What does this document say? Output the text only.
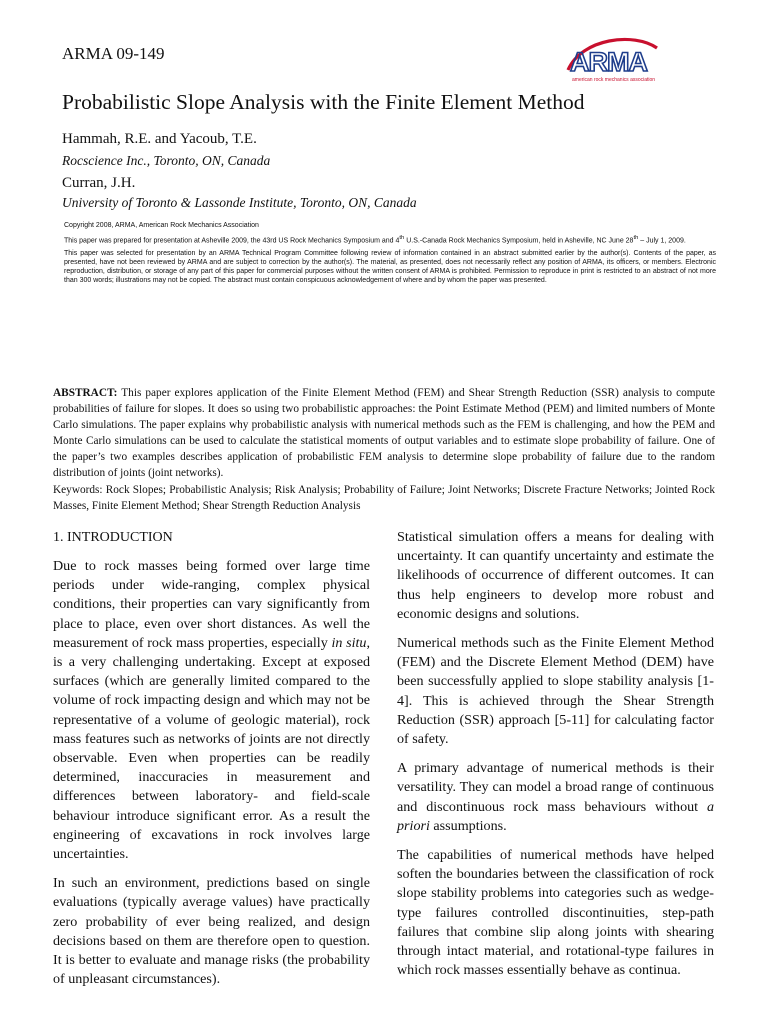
ARMA 09-149	ARMA
american rock mechanics association
Probabilistic Slope Analysis with the Finite Element Method
Hammah, R.E. and Yacoub, T.E.
Rocscience Inc., Toronto, ON, Canada
Curran, J.H.
University of Toronto & Lassonde Institute, Toronto, ON, Canada

Copyright 2008, ARMA, American Rock Mechanics Association

This paper was prepared for presentation at Asheville 2009, the 43rd US Rock Mechanics Symposium and 4th U.S.-Canada Rock Mechanics Symposium, held in Asheville, NC June 28th – July 1, 2009.

This paper was selected for presentation by an ARMA Technical Program Committee following review of information contained in an abstract submitted earlier by the author(s). Contents of the paper, as presented, have not been reviewed by ARMA and are subject to correction by the author(s). The material, as presented, does not necessarily reflect any position of ARMA, its officers, or members. Electronic reproduction, distribution, or storage of any part of this paper for commercial purposes without the written consent of ARMA is prohibited. Permission to reproduce in print is restricted to an abstract of not more than 300 words; illustrations may not be copied. The abstract must contain conspicuous acknowledgement of where and by whom the paper was presented.

ABSTRACT: This paper explores application of the Finite Element Method (FEM) and Shear Strength Reduction (SSR) analysis to compute probabilities of failure for slopes. It does so using two probabilistic approaches: the Point Estimate Method (PEM) and limited numbers of Monte Carlo simulations. The paper explains why probabilistic analysis with numerical methods such as the FEM is challenging, and how the PEM and Monte Carlo simulations can be used to calculate the statistical moments of output variables and to estimate slope probability of failure. One of the paper’s two examples describes application of probabilistic FEM analysis to determine slope probability of failure due to the random distribution of joints (joint networks).

Keywords: Rock Slopes; Probabilistic Analysis; Risk Analysis; Probability of Failure; Joint Networks; Discrete Fracture Networks; Jointed Rock Masses, Finite Element Method; Shear Strength Reduction Analysis

1. INTRODUCTION

Due to rock masses being formed over large time periods under wide-ranging, complex physical conditions, their properties can vary significantly from place to place, even over short distances. As well the measurement of rock mass properties, especially in situ, is a very challenging undertaking. Except at exposed surfaces (which are generally limited compared to the volume of rock impacting design and which may not be representative of a volume of geologic material), rock mass features such as networks of joints are not directly observable. Even when properties can be readily determined, inaccuracies in measurement and differences between laboratory- and field-scale behaviour introduce significant error. As a result the engineering of excavations in rock involves large uncertainties.

In such an environment, predictions based on single evaluations (typically average values) have practically zero probability of ever being realized, and design decisions based on them are therefore open to question. It is better to evaluate and manage risks (the probability of unpleasant circumstances).

Statistical simulation offers a means for dealing with uncertainty. It can quantify uncertainty and estimate the likelihoods of occurrence of different outcomes. It can thus help engineers to develop more robust and economic designs and solutions.

Numerical methods such as the Finite Element Method (FEM) and the Discrete Element Method (DEM) have been successfully applied to slope stability analysis [1-4]. This is achieved through the Shear Strength Reduction (SSR) approach [5-11] for calculating factor of safety.

A primary advantage of numerical methods is their versatility. They can model a broad range of continuous and discontinuous rock mass behaviours without a priori assumptions.

The capabilities of numerical methods have helped soften the boundaries between the classification of rock slope stability problems into categories such as wedge-type failures controlled discontinuities, step-path failures that combine slip along joints with shearing through intact material, and rotational-type failures in which rock masses essentially behave as continua.
